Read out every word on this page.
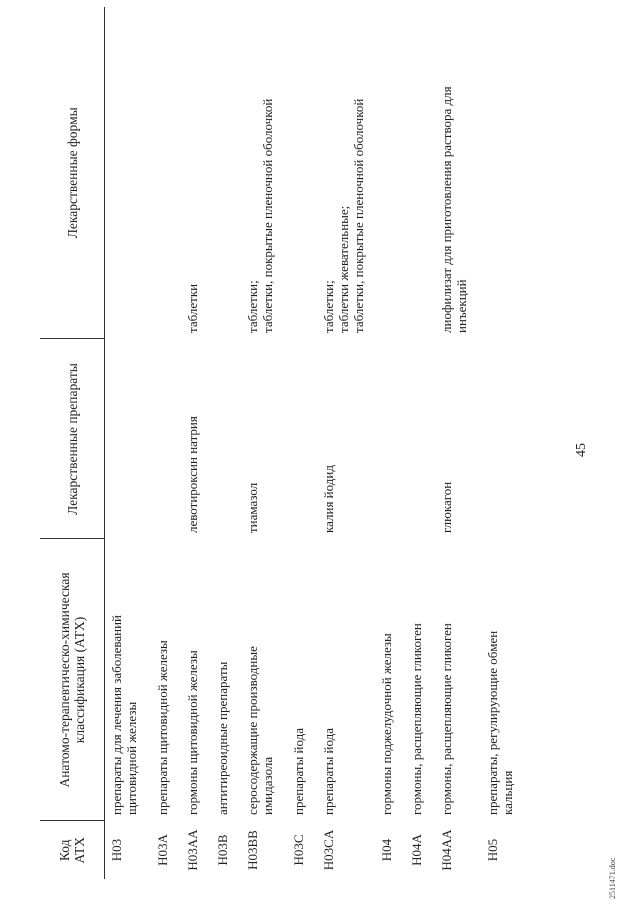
Код АТХ	Анатомо-терапевтическо-химическая классификация (АТХ)	Лекарственные препараты	Лекарственные формы
H03	препараты для лечения заболеваний щитовидной железы		

H03A	препараты щитовидной железы		

H03AA	гормоны щитовидной железы	левотироксин натрия	таблетки

H03B	антитиреоидные препараты		

H03BB	серосодержащие производные имидазола	тиамазол	таблетки; таблетки, покрытые пленочной оболочкой

H03C	препараты йода		

H03CA	препараты йода	калия йодид	таблетки; таблетки жевательные; таблетки, покрытые пленочной оболочкой

H04	гормоны поджелудочной железы		

H04A	гормоны, расщепляющие гликоген		

H04AA	гормоны, расщепляющие гликоген	глюкагон	лиофилизат для приготовления раствора для инъекций

H05	препараты, регулирующие обмен кальция		

45
2511471.doc
